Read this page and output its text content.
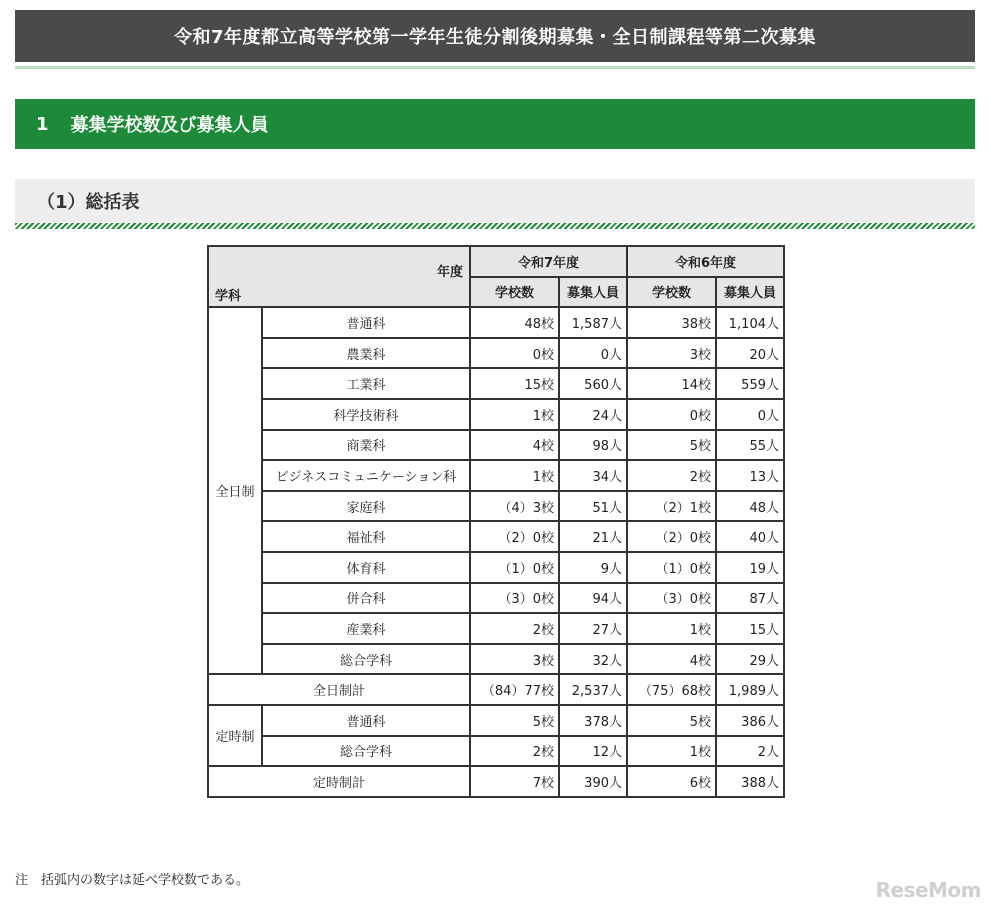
令和7年度都立高等学校第一学年生徒分割後期募集・全日制課程等第二次募集
1 募集学校数及び募集人員
（1）総括表
年度
学科		令和7年度		令和6年度	
		学校数	募集人員	学校数	募集人員
全日制	普通科	48校	1,587人	38校	1,104人
	農業科	0校	0人	3校	20人
	工業科	15校	560人	14校	559人
	科学技術科	1校	24人	0校	0人
	商業科	4校	98人	5校	55人
	ビジネスコミュニケーション科	1校	34人	2校	13人
	家庭科	（4）3校	51人	（2）1校	48人
	福祉科	（2）0校	21人	（2）0校	40人
	体育科	（1）0校	9人	（1）0校	19人
	併合科	（3）0校	94人	（3）0校	87人
	産業科	2校	27人	1校	15人
	総合学科	3校	32人	4校	29人
全日制計		（84）77校	2,537人	（75）68校	1,989人
定時制	普通科	5校	378人	5校	386人
	総合学科	2校	12人	1校	2人
定時制計		7校	390人	6校	388人
注　括弧内の数字は延べ学校数である。	ReseMom
